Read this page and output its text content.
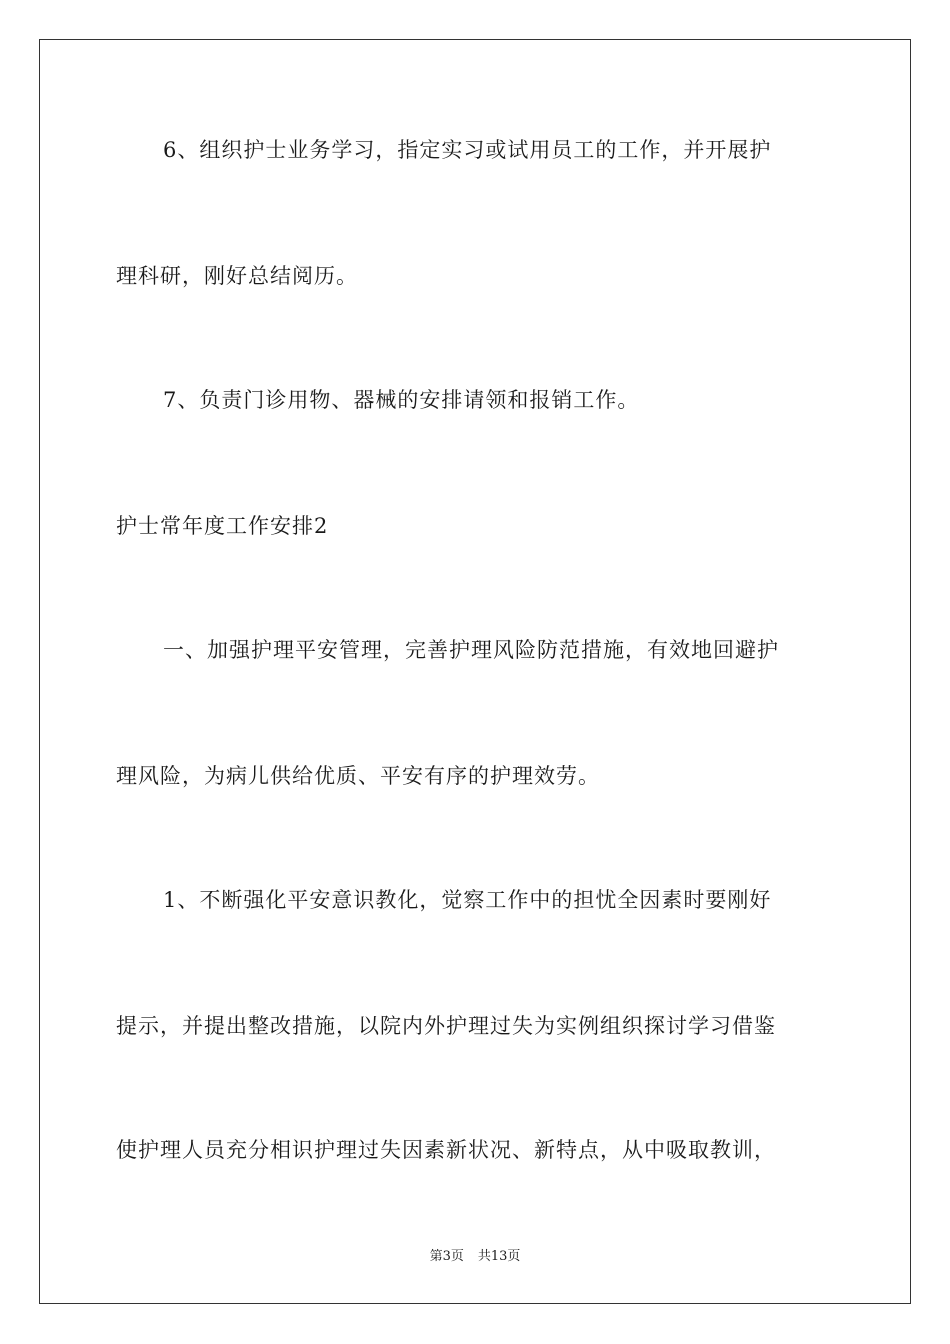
6、组织护士业务学习，指定实习或试用员工的工作，并开展护
理科研，刚好总结阅历。
7、负责门诊用物、器械的安排请领和报销工作。
护士常年度工作安排2
一、加强护理平安管理，完善护理风险防范措施，有效地回避护
理风险，为病儿供给优质、平安有序的护理效劳。
1、不断强化平安意识教化，觉察工作中的担忧全因素时要刚好
提示，并提出整改措施，以院内外护理过失为实例组织探讨学习借鉴
使护理人员充分相识护理过失因素新状况、新特点，从中吸取教训，
第3页 共13页
